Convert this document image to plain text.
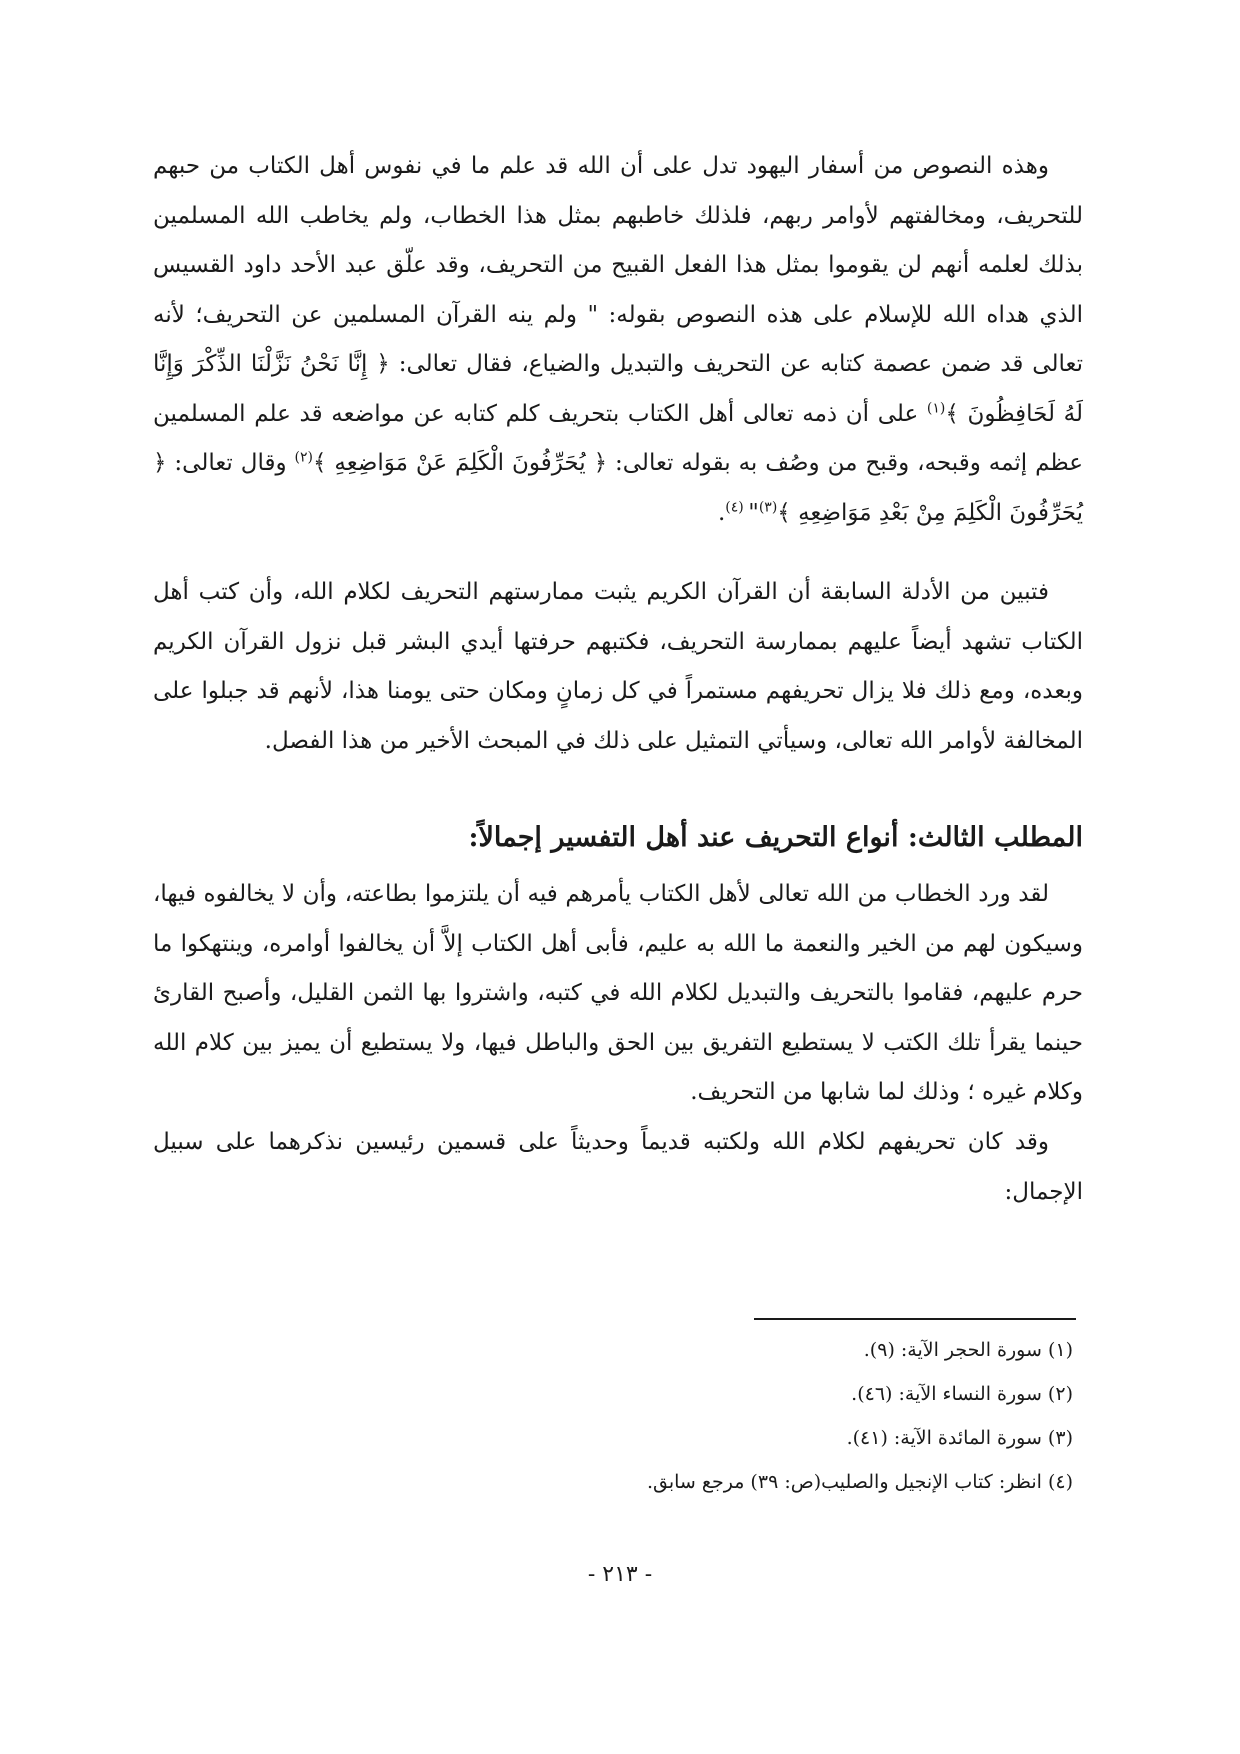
وهذه النصوص من أسفار اليهود تدل على أن الله قد علم ما في نفوس أهل الكتاب من حبهم للتحريف، ومخالفتهم لأوامر ربهم، فلذلك خاطبهم بمثل هذا الخطاب، ولم يخاطب الله المسلمين بذلك لعلمه أنهم لن يقوموا بمثل هذا الفعل القبيح من التحريف، وقد علّق عبد الأحد داود القسيس الذي هداه الله للإسلام على هذه النصوص بقوله: " ولم ينه القرآن المسلمين عن التحريف؛ لأنه تعالى قد ضمن عصمة كتابه عن التحريف والتبديل والضياع، فقال تعالى: ﴿ إِنَّا نَحْنُ نَزَّلْنَا الذِّكْرَ وَإِنَّا لَهُ لَحَافِظُونَ ﴾$^{(١)}$ على أن ذمه تعالى أهل الكتاب بتحريف كلم كتابه عن مواضعه قد علم المسلمين عظم إثمه وقبحه، وقبح من وصُف به بقوله تعالى: ﴿ يُحَرِّفُونَ الْكَلِمَ عَنْ مَوَاضِعِهِ ﴾$^{(٢)}$ وقال تعالى: ﴿ يُحَرِّفُونَ الْكَلِمَ مِنْ بَعْدِ مَوَاضِعِهِ ﴾$^{(٣)}$" $^{(٤)}$.

فتبين من الأدلة السابقة أن القرآن الكريم يثبت ممارستهم التحريف لكلام الله، وأن كتب أهل الكتاب تشهد أيضاً عليهم بممارسة التحريف، فكتبهم حرفتها أيدي البشر قبل نزول القرآن الكريم وبعده، ومع ذلك فلا يزال تحريفهم مستمراً في كل زمانٍ ومكان حتى يومنا هذا، لأنهم قد جبلوا على المخالفة لأوامر الله تعالى، وسيأتي التمثيل على ذلك في المبحث الأخير من هذا الفصل.

المطلب الثالث: أنواع التحريف عند أهل التفسير إجمالاً:

لقد ورد الخطاب من الله تعالى لأهل الكتاب يأمرهم فيه أن يلتزموا بطاعته، وأن لا يخالفوه فيها، وسيكون لهم من الخير والنعمة ما الله به عليم، فأبى أهل الكتاب إلاَّ أن يخالفوا أوامره، وينتهكوا ما حرم عليهم، فقاموا بالتحريف والتبديل لكلام الله في كتبه، واشتروا بها الثمن القليل، وأصبح القارئ حينما يقرأ تلك الكتب لا يستطيع التفريق بين الحق والباطل فيها، ولا يستطيع أن يميز بين كلام الله وكلام غيره ؛ وذلك لما شابها من التحريف.

وقد كان تحريفهم لكلام الله ولكتبه قديماً وحديثاً على قسمين رئيسين نذكرهما على سبيل الإجمال:

(١) سورة الحجر الآية: (٩).

(٢) سورة النساء الآية: (٤٦).

(٣) سورة المائدة الآية: (٤١).

(٤) انظر: كتاب الإنجيل والصليب(ص: ٣٩) مرجع سابق.

- ٢١٣ -
